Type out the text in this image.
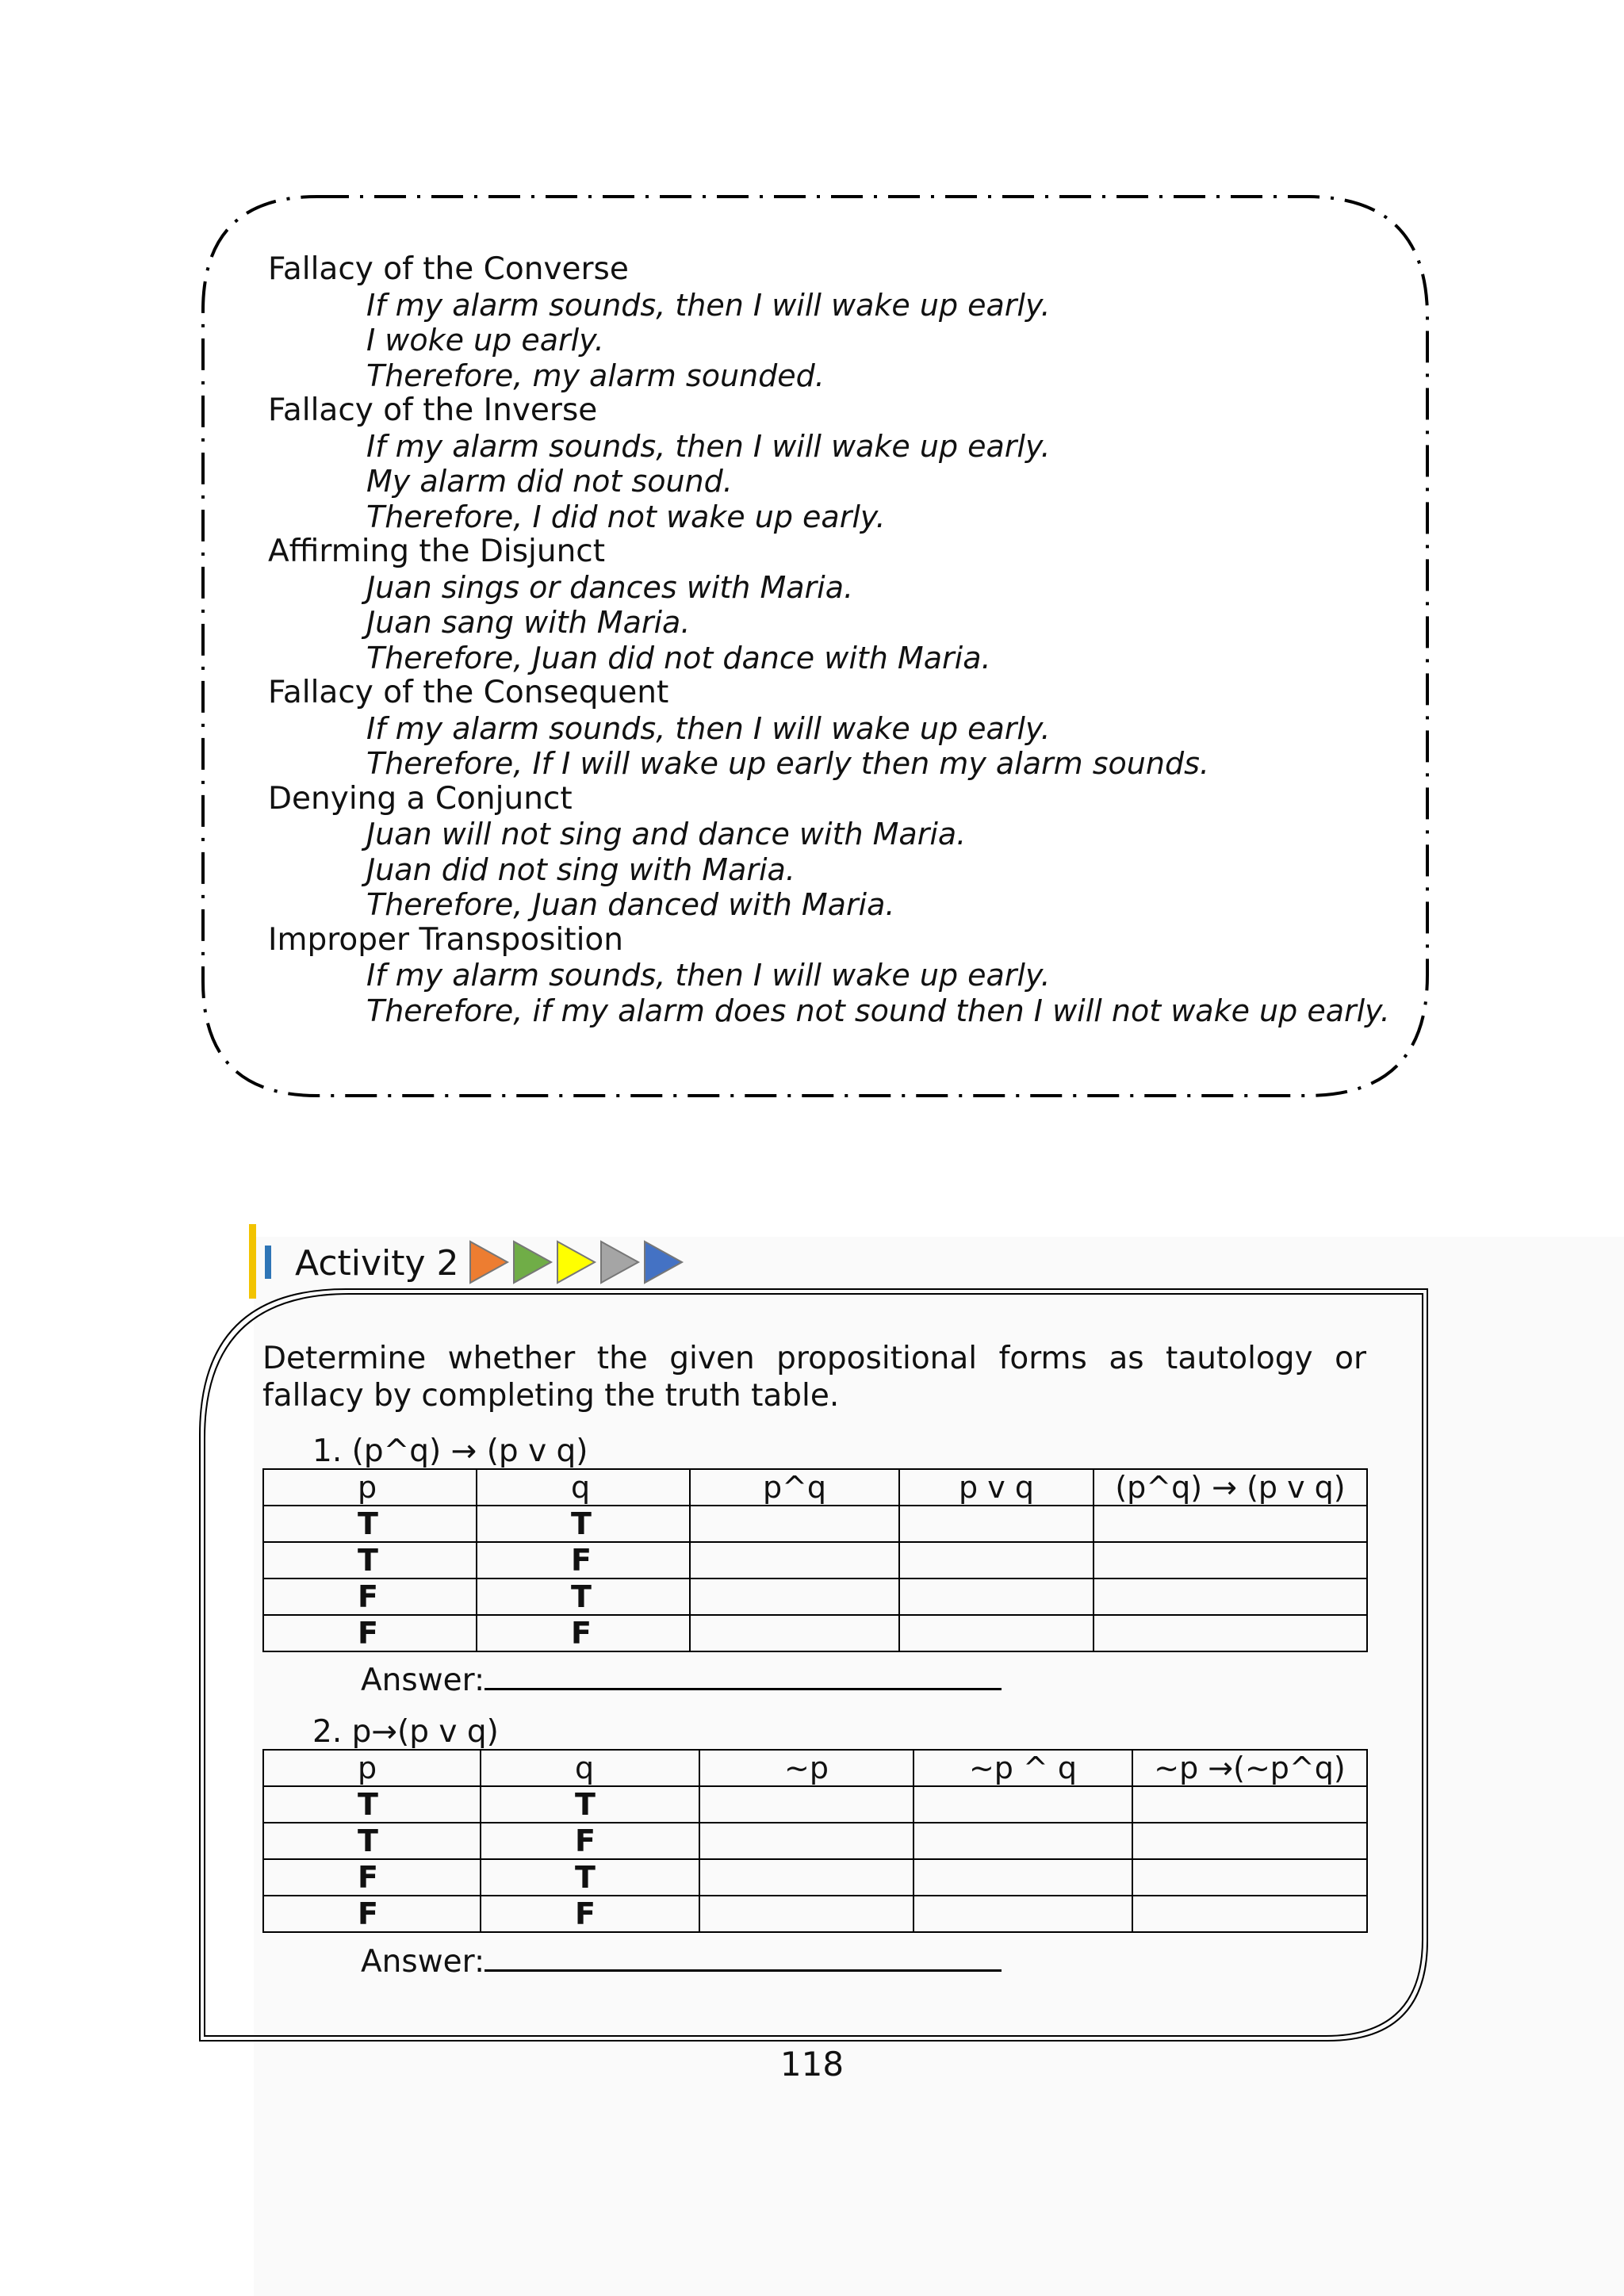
Fallacy of the Converse
If my alarm sounds, then I will wake up early.
I woke up early.
Therefore, my alarm sounded.
Fallacy of the Inverse
If my alarm sounds, then I will wake up early.
My alarm did not sound.
Therefore, I did not wake up early.
Affirming the Disjunct
Juan sings or dances with Maria.
Juan sang with Maria.
Therefore, Juan did not dance with Maria.
Fallacy of the Consequent
If my alarm sounds, then I will wake up early.
Therefore, If I will wake up early then my alarm sounds.
Denying a Conjunct
Juan will not sing and dance with Maria.
Juan did not sing with Maria.
Therefore, Juan danced with Maria.
Improper Transposition
If my alarm sounds, then I will wake up early.
Therefore, if my alarm does not sound then I will not wake up early.
Activity 2
Determine whether the given propositional forms as tautology or fallacy by completing the truth table.
1. (p^q) → (p v q)
p	q	p^q	p v q	(p^q) → (p v q)
T	T			
T	F			
F	T			
F	F			
Answer:
2. p→(p v q)
p	q	~p	~p ^ q	~p →(~p^q)
T	T			
T	F			
F	T			
F	F			
Answer:
118
